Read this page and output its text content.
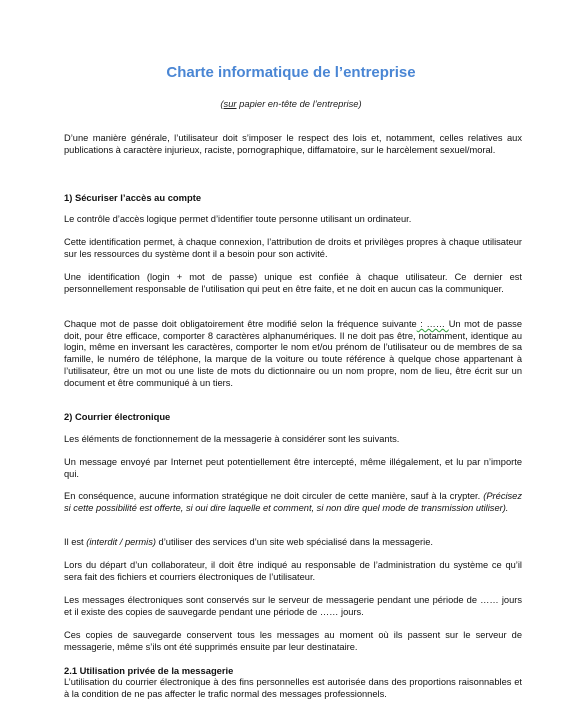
Charte informatique de l’entreprise
(sur papier en-tête de l’entreprise)

D’une manière générale, l’utilisateur doit s’imposer le respect des lois et, notamment, celles relatives aux publications à caractère injurieux, raciste, pornographique, diffamatoire, sur le harcèlement sexuel/moral.

1) Sécuriser l’accès au compte

Le contrôle d’accès logique permet d’identifier toute personne utilisant un ordinateur.

Cette identification permet, à chaque connexion, l’attribution de droits et privilèges propres à chaque utilisateur sur les ressources du système dont il a besoin pour son activité.

Une identification (login + mot de passe) unique est confiée à chaque utilisateur. Ce dernier est personnellement responsable de l’utilisation qui peut en être faite, et ne doit en aucun cas la communiquer.

Chaque mot de passe doit obligatoirement être modifié selon la fréquence suivante : …… Un mot de passe doit, pour être efficace, comporter 8 caractères alphanumériques. Il ne doit pas être, notamment, identique au login, même en inversant les caractères, comporter le nom et/ou prénom de l’utilisateur ou de membres de sa famille, le numéro de téléphone, la marque de la voiture ou toute référence à quelque chose appartenant à l’utilisateur, être un mot ou une liste de mots du dictionnaire ou un nom propre, nom de lieu, être écrit sur un document et être communiqué à un tiers.

2) Courrier électronique

Les éléments de fonctionnement de la messagerie à considérer sont les suivants.

Un message envoyé par Internet peut potentiellement être intercepté, même illégalement, et lu par n’importe qui.

En conséquence, aucune information stratégique ne doit circuler de cette manière, sauf à la crypter. (Précisez si cette possibilité est offerte, si oui dire laquelle et comment, si non dire quel mode de transmission utiliser).

Il est (interdit / permis) d’utiliser des services d’un site web spécialisé dans la messagerie.

Lors du départ d’un collaborateur, il doit être indiqué au responsable de l’administration du système ce qu’il sera fait des fichiers et courriers électroniques de l’utilisateur.

Les messages électroniques sont conservés sur le serveur de messagerie pendant une période de …… jours et il existe des copies de sauvegarde pendant une période de …… jours.

Ces copies de sauvegarde conservent tous les messages au moment où ils passent sur le serveur de messagerie, même s’ils ont été supprimés ensuite par leur destinataire.

2.1 Utilisation privée de la messagerie

L’utilisation du courrier électronique à des fins personnelles est autorisée dans des proportions raisonnables et à la condition de ne pas affecter le trafic normal des messages professionnels.
